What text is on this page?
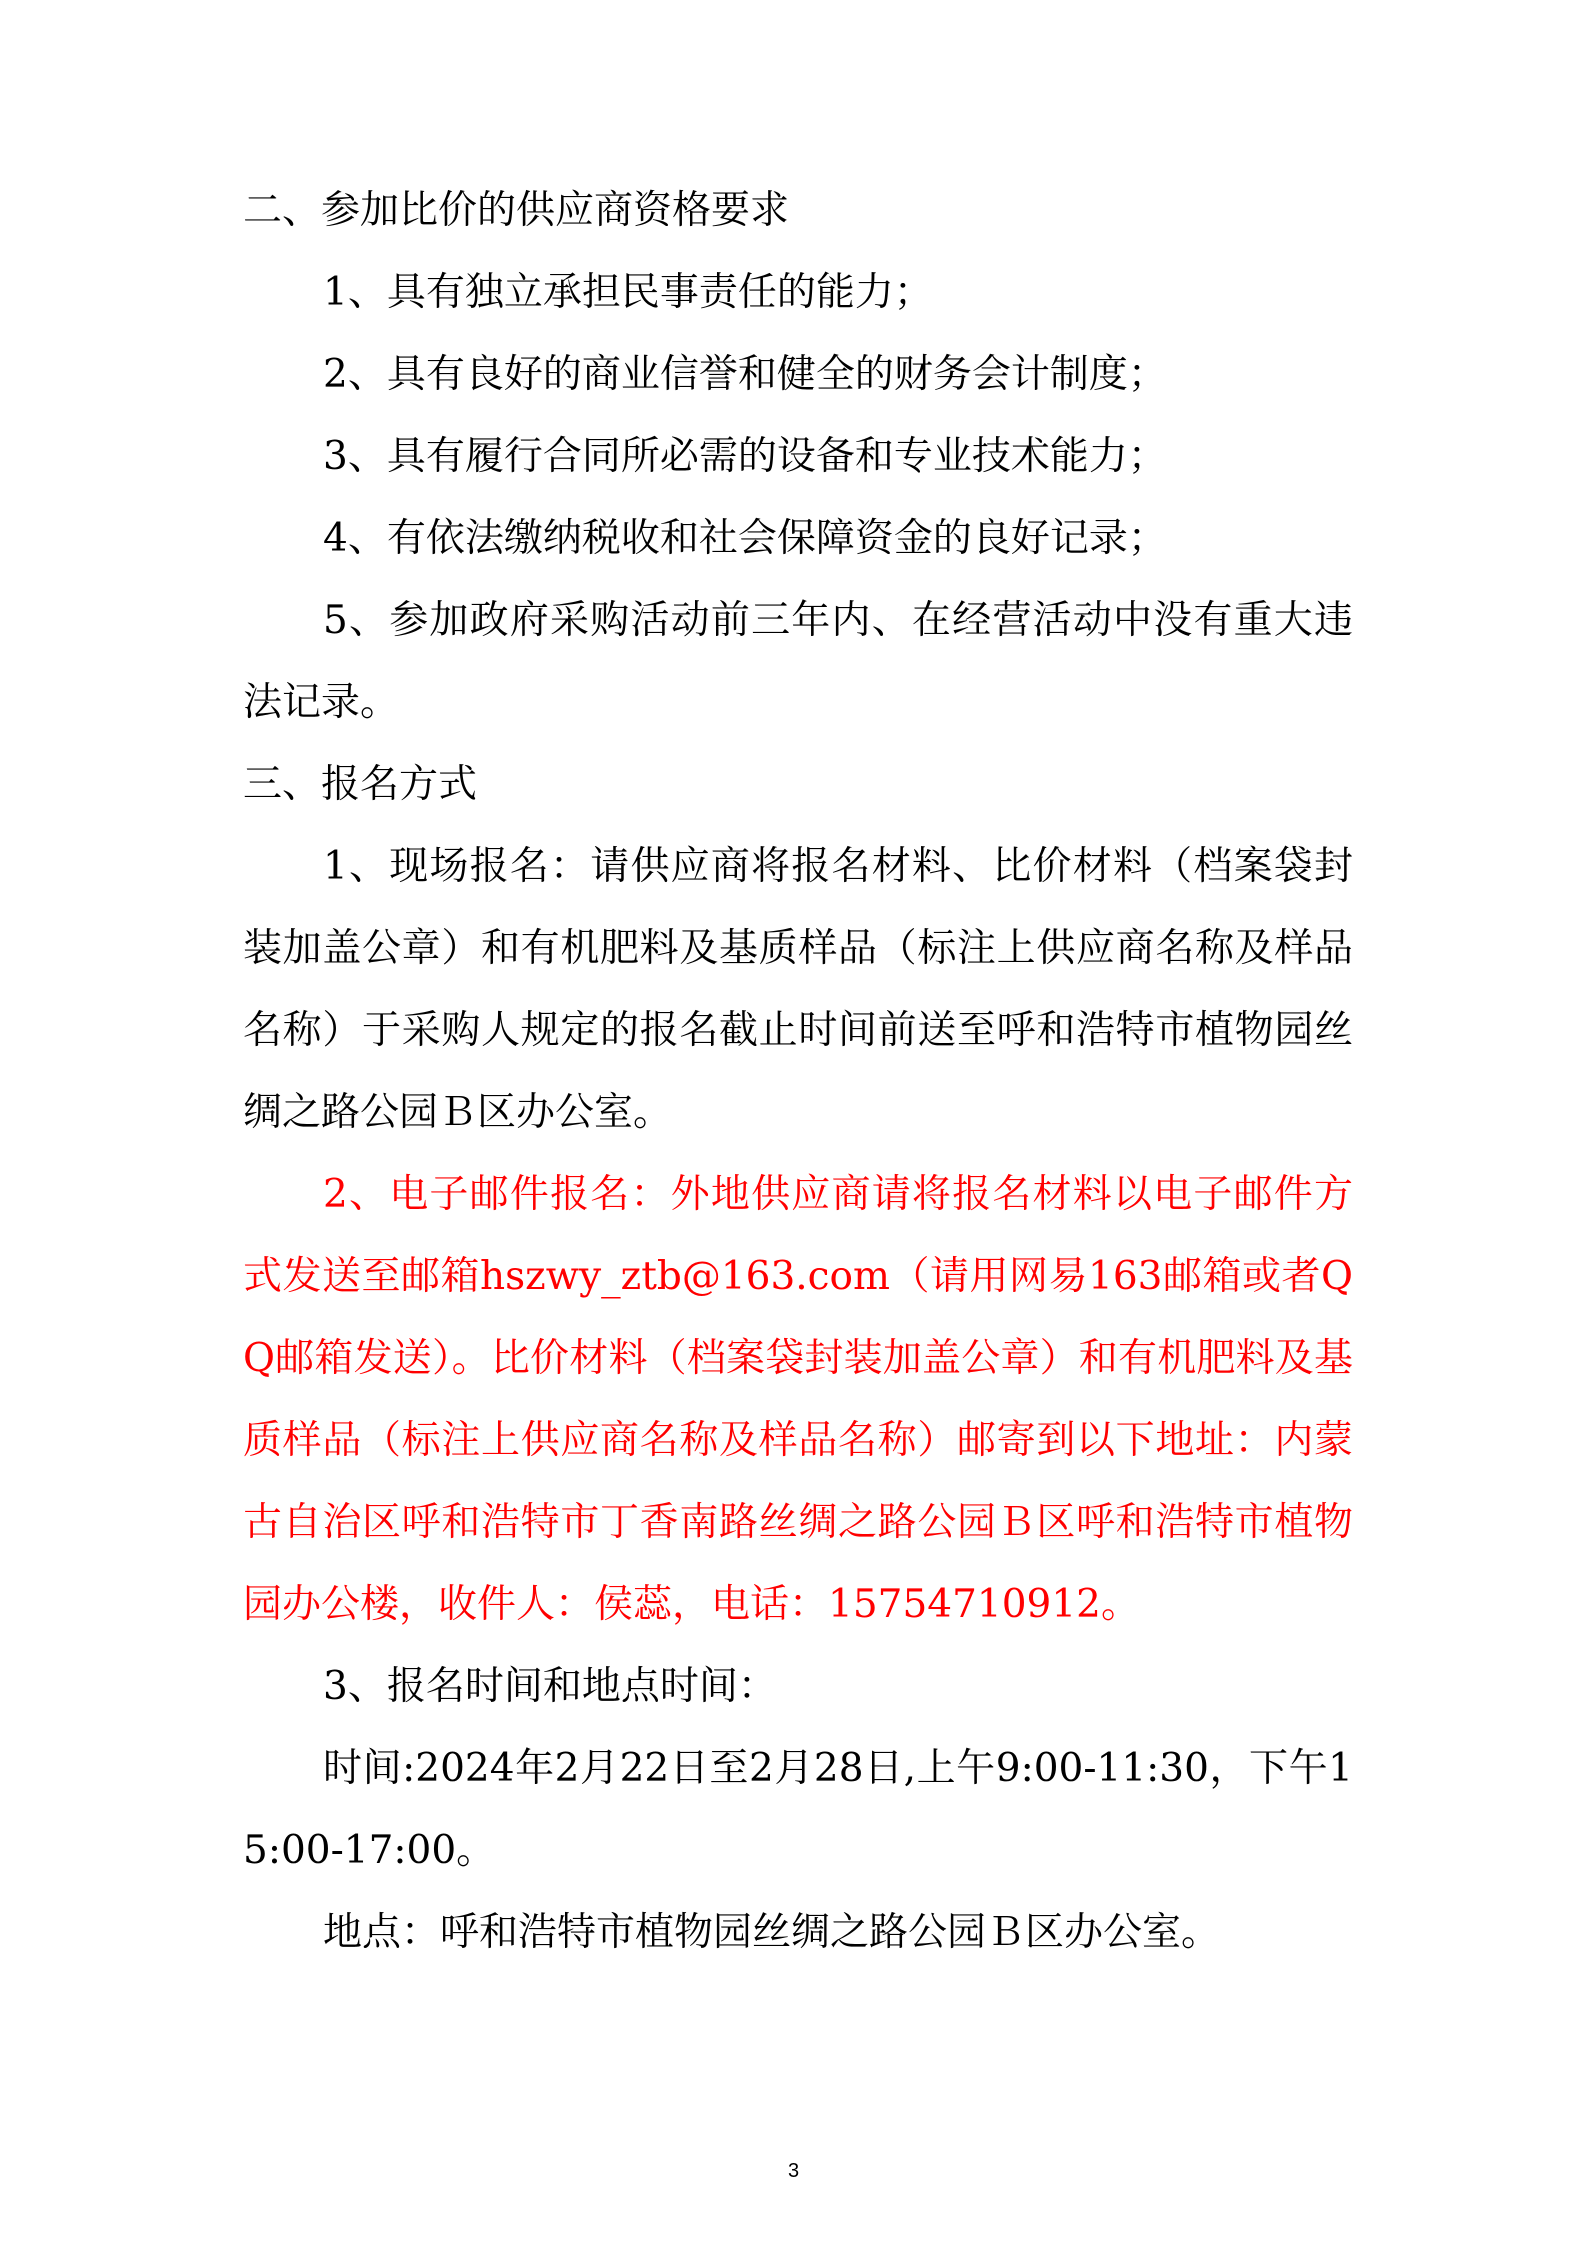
二、参加比价的供应商资格要求

1、具有独立承担民事责任的能力；

2、具有良好的商业信誉和健全的财务会计制度；

3、具有履行合同所必需的设备和专业技术能力；

4、有依法缴纳税收和社会保障资金的良好记录；

5、参加政府采购活动前三年内、在经营活动中没有重大违法记录。

三、报名方式

1、现场报名：请供应商将报名材料、比价材料（档案袋封装加盖公章）和有机肥料及基质样品（标注上供应商名称及样品名称）于采购人规定的报名截止时间前送至呼和浩特市植物园丝绸之路公园Ｂ区办公室。

2、电子邮件报名：外地供应商请将报名材料以电子邮件方式发送至邮箱hszwy_ztb@163.com（请用网易163邮箱或者QQ邮箱发送）。比价材料（档案袋封装加盖公章）和有机肥料及基质样品（标注上供应商名称及样品名称）邮寄到以下地址：内蒙古自治区呼和浩特市丁香南路丝绸之路公园Ｂ区呼和浩特市植物园办公楼，收件人：侯蕊，电话：15754710912。

3、报名时间和地点时间：

时间:2024年2月22日至2月28日,上午9:00-11:30，下午15:00-17:00。

地点：呼和浩特市植物园丝绸之路公园Ｂ区办公室。

3
